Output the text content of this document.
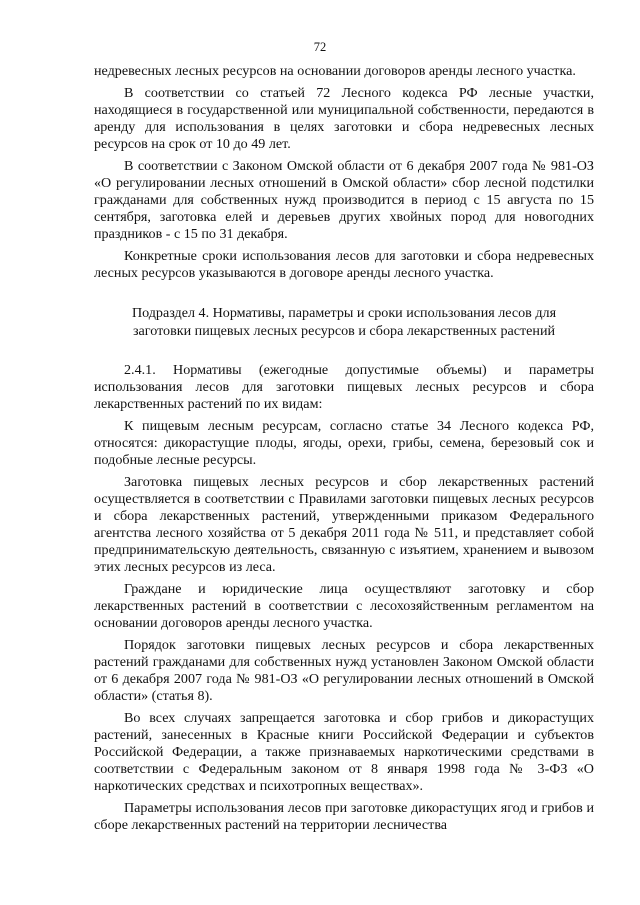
72

недревесных лесных ресурсов на основании договоров аренды лесного участка.

В соответствии со статьей 72 Лесного кодекса РФ лесные участки, находящиеся в государственной или муниципальной собственности, передаются в аренду для использования в целях заготовки и сбора недревесных лесных ресурсов на срок от 10 до 49 лет.

В соответствии с Законом Омской области от 6 декабря 2007 года № 981-ОЗ «О регулировании лесных отношений в Омской области» сбор лесной подстилки гражданами для собственных нужд производится в период с 15 августа по 15 сентября, заготовка елей и деревьев других хвойных пород для новогодних праздников - с 15 по 31 декабря.

Конкретные сроки использования лесов для заготовки и сбора недревесных лесных ресурсов указываются в договоре аренды лесного участка.

Подраздел 4. Нормативы, параметры и сроки использования лесов для
заготовки пищевых лесных ресурсов и сбора лекарственных растений

2.4.1. Нормативы (ежегодные допустимые объемы) и параметры использования лесов для заготовки пищевых лесных ресурсов и сбора лекарственных растений по их видам:

К пищевым лесным ресурсам, согласно статье 34 Лесного кодекса РФ, относятся: дикорастущие плоды, ягоды, орехи, грибы, семена, березовый сок и подобные лесные ресурсы.

Заготовка пищевых лесных ресурсов и сбор лекарственных растений осуществляется в соответствии с Правилами заготовки пищевых лесных ресурсов и сбора лекарственных растений, утвержденными приказом Федерального агентства лесного хозяйства от 5 декабря 2011 года № 511, и представляет собой предпринимательскую деятельность, связанную с изъятием, хранением и вывозом этих лесных ресурсов из леса.

Граждане и юридические лица осуществляют заготовку и сбор лекарственных растений в соответствии с лесохозяйственным регламентом на основании договоров аренды лесного участка.

Порядок заготовки пищевых лесных ресурсов и сбора лекарственных растений гражданами для собственных нужд установлен Законом Омской области от 6 декабря 2007 года № 981-ОЗ «О регулировании лесных отношений в Омской области» (статья 8).

Во всех случаях запрещается заготовка и сбор грибов и дикорастущих растений, занесенных в Красные книги Российской Федерации и субъектов Российской Федерации, а также признаваемых наркотическими средствами в соответствии с Федеральным законом от 8 января 1998 года № 3-ФЗ «О наркотических средствах и психотропных веществах».

Параметры использования лесов при заготовке дикорастущих ягод и грибов и сборе лекарственных растений на территории лесничества
